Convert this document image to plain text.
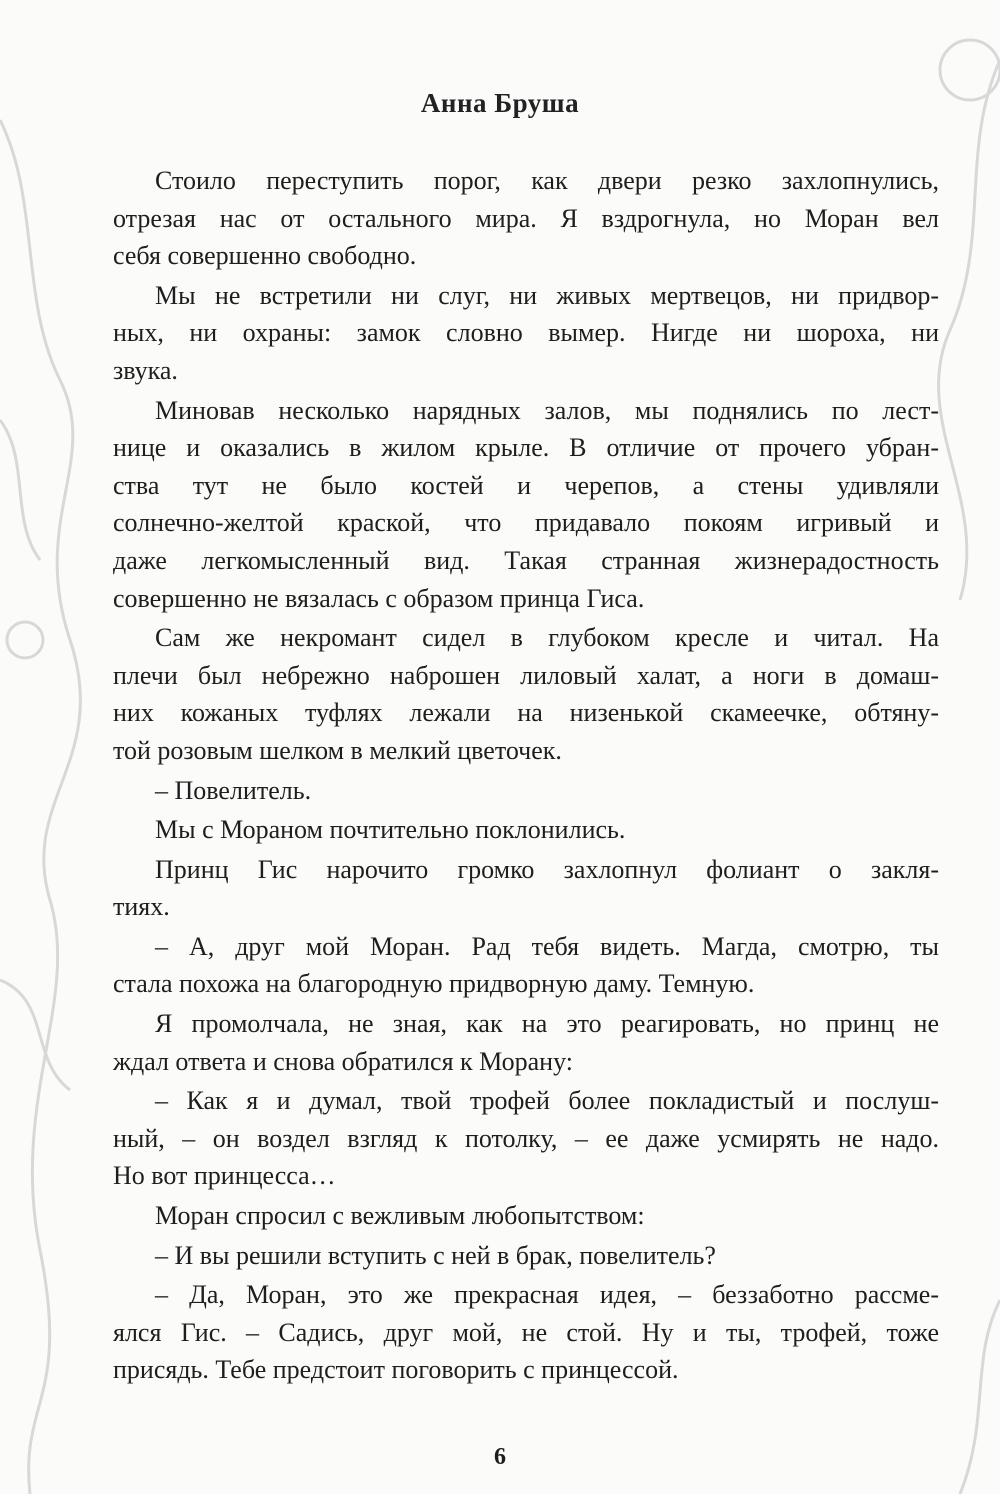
Анна Бруша
Стоило переступить порог, как двери резко захлопнулись,
отрезая нас от остального мира. Я вздрогнула, но Моран вел
себя совершенно свободно.
Мы не встретили ни слуг, ни живых мертвецов, ни придвор-
ных, ни охраны: замок словно вымер. Нигде ни шороха, ни
звука.
Миновав несколько нарядных залов, мы поднялись по лест-
нице и оказались в жилом крыле. В отличие от прочего убран-
ства тут не было костей и черепов, а стены удивляли
солнечно-желтой краской, что придавало покоям игривый и
даже легкомысленный вид. Такая странная жизнерадостность
совершенно не вязалась с образом принца Гиса.
Сам же некромант сидел в глубоком кресле и читал. На
плечи был небрежно наброшен лиловый халат, а ноги в домаш-
них кожаных туфлях лежали на низенькой скамеечке, обтяну-
той розовым шелком в мелкий цветочек.
– Повелитель.
Мы с Мораном почтительно поклонились.
Принц Гис нарочито громко захлопнул фолиант о закля-
тиях.
– А, друг мой Моран. Рад тебя видеть. Магда, смотрю, ты
стала похожа на благородную придворную даму. Темную.
Я промолчала, не зная, как на это реагировать, но принц не
ждал ответа и снова обратился к Морану:
– Как я и думал, твой трофей более покладистый и послуш-
ный, – он воздел взгляд к потолку, – ее даже усмирять не надо.
Но вот принцесса…
Моран спросил с вежливым любопытством:
– И вы решили вступить с ней в брак, повелитель?
– Да, Моран, это же прекрасная идея, – беззаботно рассме-
ялся Гис. – Садись, друг мой, не стой. Ну и ты, трофей, тоже
присядь. Тебе предстоит поговорить с принцессой.
6
